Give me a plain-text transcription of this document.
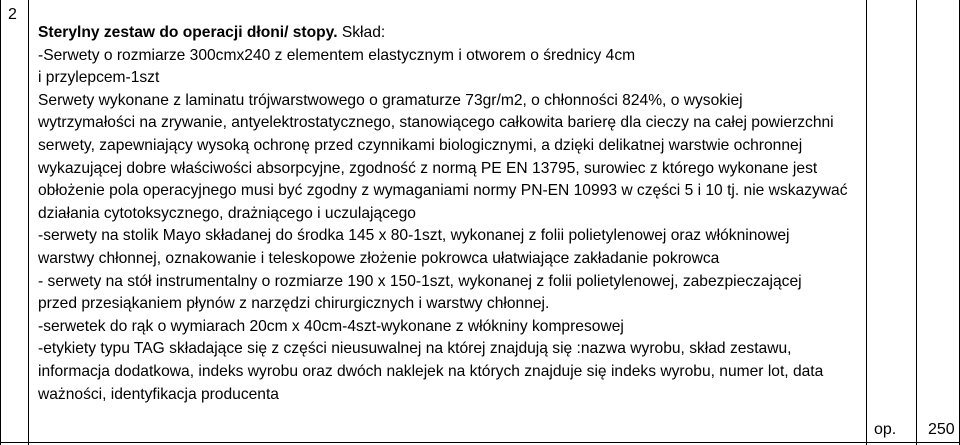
2
Sterylny zestaw do operacji dłoni/ stopy. Skład:
-Serwety o rozmiarze 300cmx240 z elementem elastycznym i otworem o średnicy 4cm
i przylepcem-1szt
Serwety wykonane z laminatu trójwarstwowego o gramaturze 73gr/m2, o chłonności 824%, o wysokiej
wytrzymałości na zrywanie, antyelektrostatycznego, stanowiącego całkowita barierę dla cieczy na całej powierzchni
serwety, zapewniający wysoką ochronę przed czynnikami biologicznymi, a dzięki delikatnej warstwie ochronnej
wykazującej dobre właściwości absorpcyjne, zgodność z normą PE EN 13795, surowiec z którego wykonane jest
obłożenie pola operacyjnego musi być zgodny z wymaganiami normy PN-EN 10993 w części 5 i 10 tj. nie wskazywać
działania cytotoksycznego, drażniącego i uczulającego
-serwety na stolik Mayo składanej do środka 145 x 80-1szt, wykonanej z folii polietylenowej oraz włókninowej
warstwy chłonnej, oznakowanie i teleskopowe złożenie pokrowca ułatwiające zakładanie pokrowca
- serwety na stół instrumentalny o rozmiarze 190 x 150-1szt, wykonanej z folii polietylenowej, zabezpieczającej
przed przesiąkaniem płynów z narzędzi chirurgicznych i warstwy chłonnej.
-serwetek do rąk o wymiarach 20cm x 40cm-4szt-wykonane z włókniny kompresowej
-etykiety typu TAG składające się z części nieusuwalnej na której znajdują się :nazwa wyrobu, skład zestawu,
informacja dodatkowa, indeks wyrobu oraz dwóch naklejek na których znajduje się indeks wyrobu, numer lot, data
ważności, identyfikacja producenta
op. 250
